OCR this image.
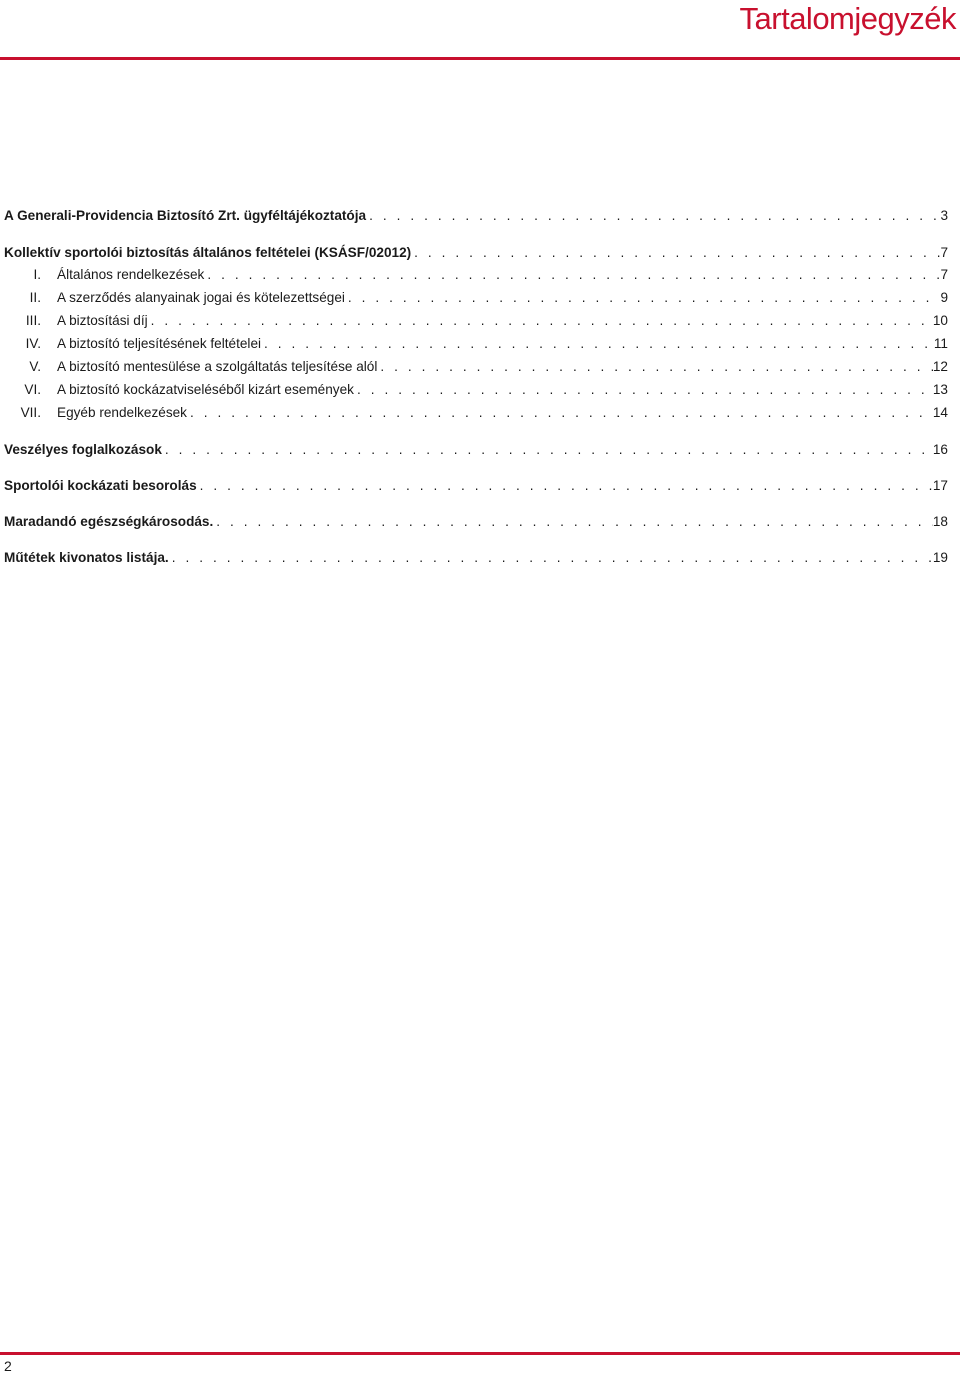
Tartalomjegyzék
A Generali-Providencia Biztosító Zrt. ügyféltájékoztatója . . .	3
Kollektív sportolói biztosítás általános feltételei (KSÁSF/02012) . . .	7
I. Általános rendelkezések . . .	7
II. A szerződés alanyainak jogai és kötelezettségei . . .	9
III. A biztosítási díj . . .	10
IV. A biztosító teljesítésének feltételei . . .	11
V. A biztosító mentesülése a szolgáltatás teljesítése alól . . .	12
VI. A biztosító kockázatviseléséből kizárt események . . .	13
VII. Egyéb rendelkezések . . .	14
Veszélyes foglalkozások . . .	16
Sportolói kockázati besorolás . . .	17
Maradandó egészségkárosodás. . . .	18
Műtétek kivonatos listája. . . .	19
2
